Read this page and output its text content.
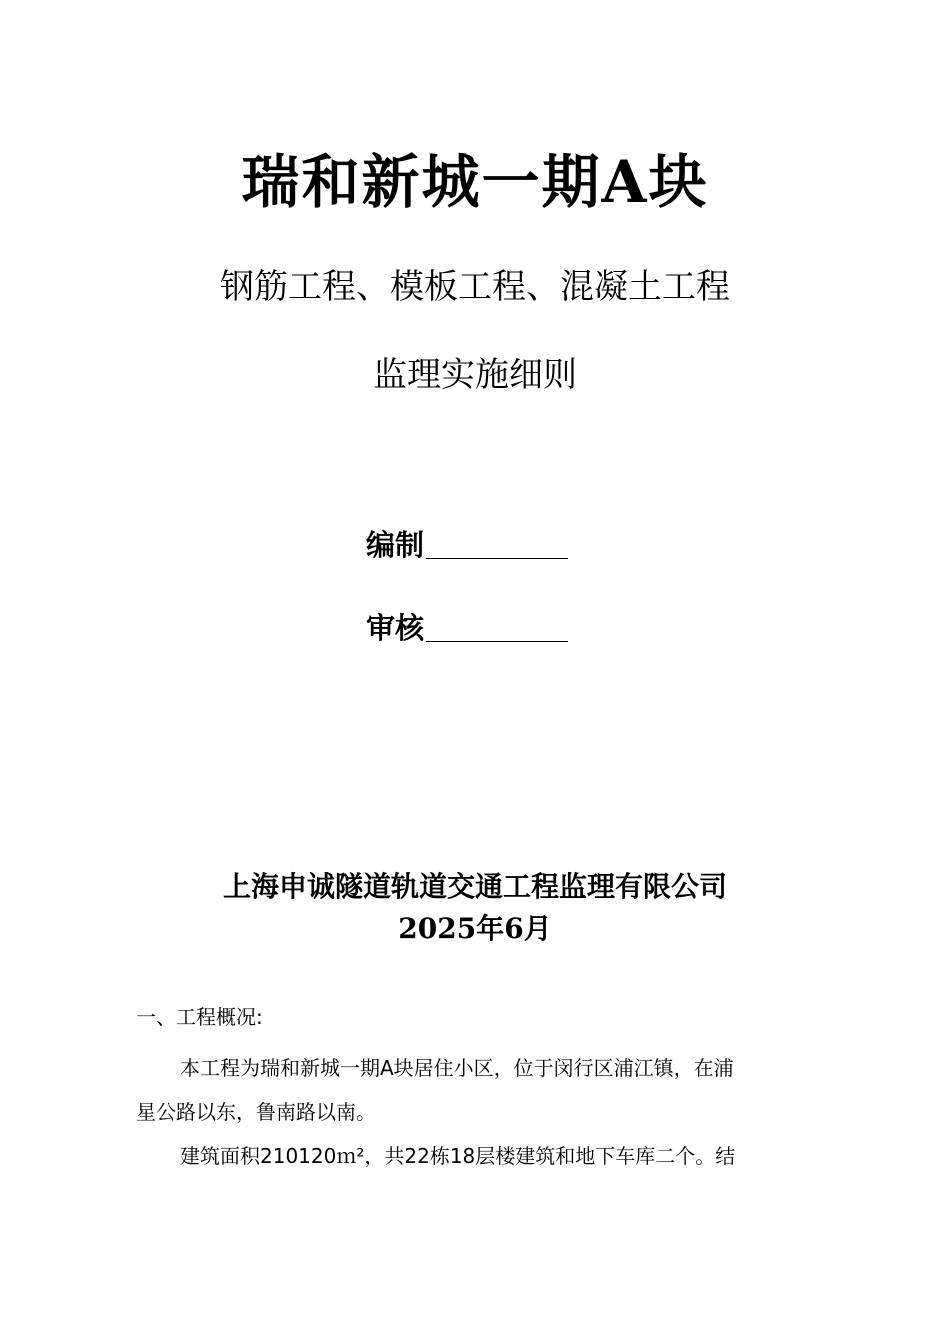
瑞和新城一期A块
钢筋工程、模板工程、混凝土工程
监理实施细则
编制
审核
上海申诚隧道轨道交通工程监理有限公司
2025年6月
一、工程概况:
本工程为瑞和新城一期A块居住小区，位于闵行区浦江镇，在浦
星公路以东，鲁南路以南。
建筑面积210120ｍ²，共22栋18层楼建筑和地下车库二个。结
